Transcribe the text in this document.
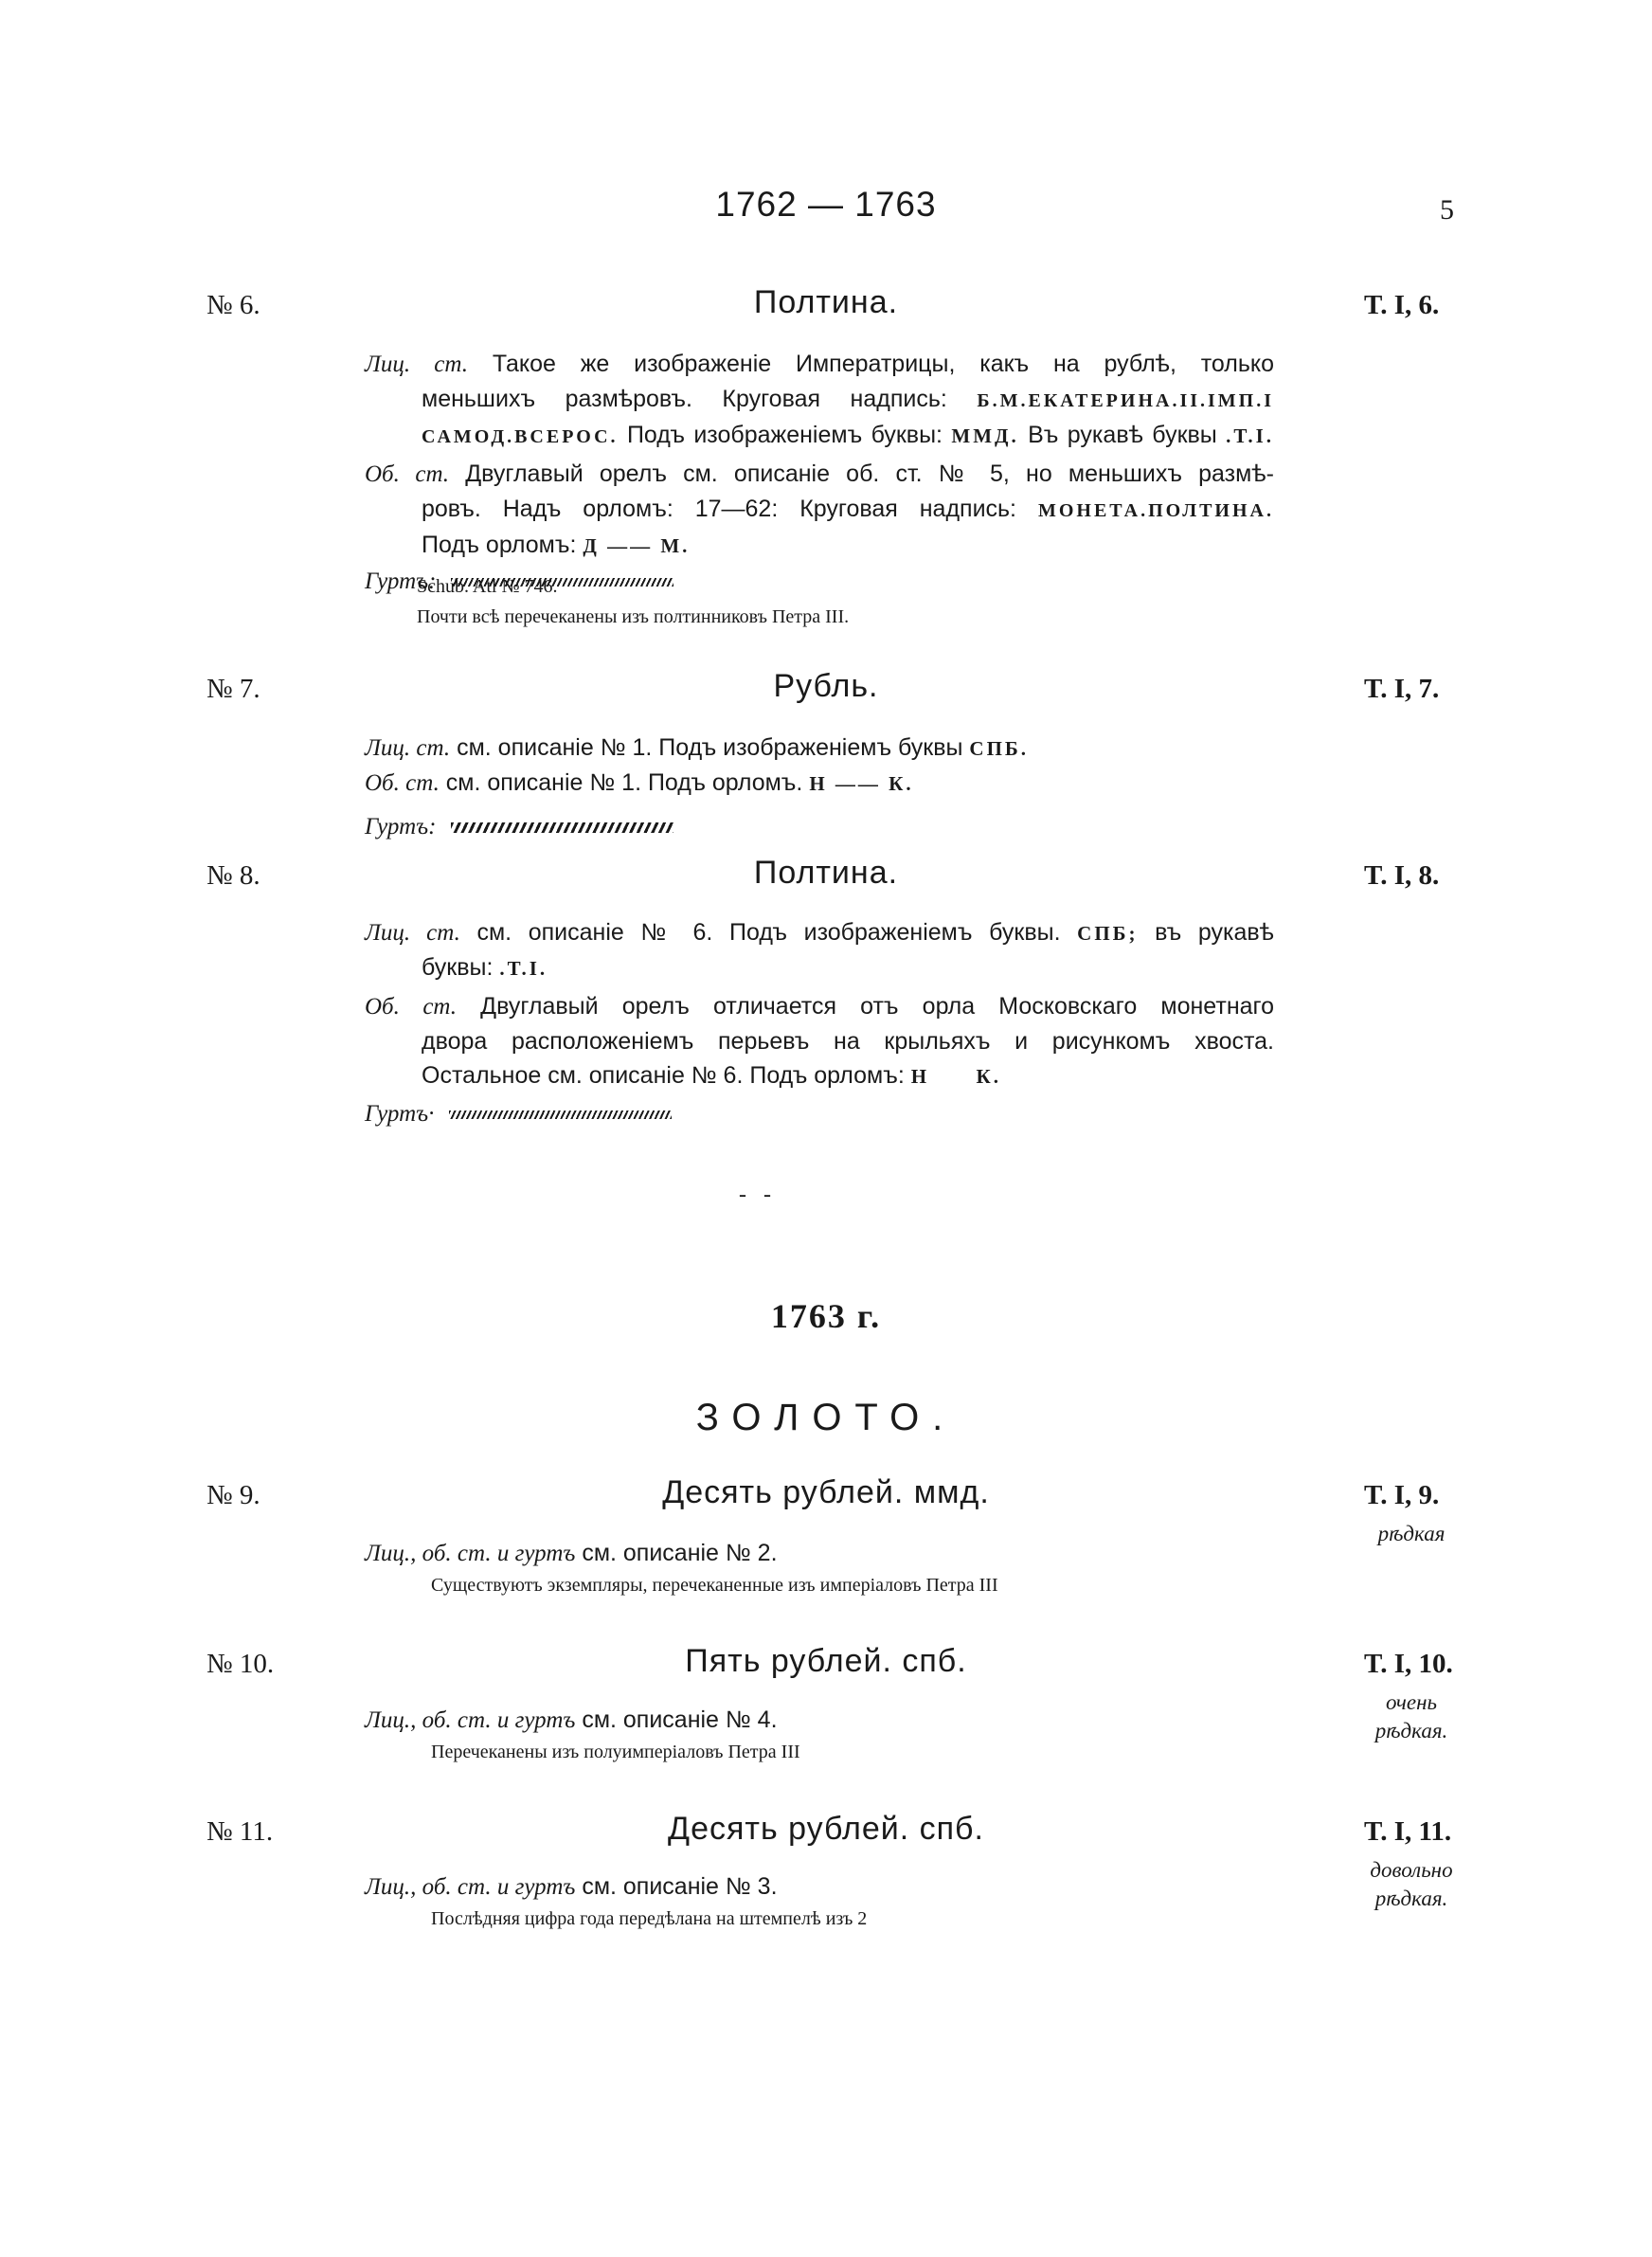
1762 — 1763	5
№ 6.	Полтина.	T. I, 6.
Лиц. ст. Такое же изображеніе Императрицы, какъ на рублѣ, только
меньшихъ размѣровъ. Круговая надпись: Б.М.ЕКАТЕРИНА.II.IМП.I
САМОД.ВСЕРОС. Подъ изображеніемъ буквы: ММД. Въ рукавѣ буквы .Т.I.
Об. ст. Двуглавый орелъ см. описаніе об. ст. № 5, но меньшихъ размѣ-
ровъ. Надъ орломъ: 17—62: Круговая надпись: МОНЕТА.ПОЛТИНА.
Подъ орломъ: Д —— М.
Гуртъ:
Schub. Atl № 746.
Почти всѣ перечеканены изъ полтинниковъ Петра III.
№ 7.	Рубль.	T. I, 7.
Лиц. ст. см. описаніе № 1. Подъ изображеніемъ буквы СПБ.
Об. ст. см. описаніе № 1. Подъ орломъ. Н —— К.
Гуртъ:
№ 8.	Полтина.	T. I, 8.
Лиц. ст. см. описаніе № 6. Подъ изображеніемъ буквы. СПБ; въ рукавѣ
буквы: .Т.I.
Об. ст. Двуглавый орелъ отличается отъ орла Московскаго монетнаго
двора расположеніемъ перьевъ на крыльяхъ и рисункомъ хвоста.
Остальное см. описаніе № 6. Подъ орломъ: Н      К.
Гуртъ·
- -
1763 г.
ЗОЛОТО.
№ 9.	Десять рублей. ммд.	T. I, 9.
рѣдкая
Лиц., об. ст. и гуртъ см. описаніе № 2.
Существуютъ экземпляры, перечеканенные изъ имперіаловъ Петра III
№ 10.	Пять рублей. спб.	T. I, 10.
очень
рѣдкая.
Лиц., об. ст. и гуртъ см. описаніе № 4.
Перечеканены изъ полуимперіаловъ Петра III
№ 11.	Десять рублей. спб.	T. I, 11.
довольно
рѣдкая.
Лиц., об. ст. и гуртъ см. описаніе № 3.
Послѣдняя цифра года передѣлана на штемпелѣ изъ 2
